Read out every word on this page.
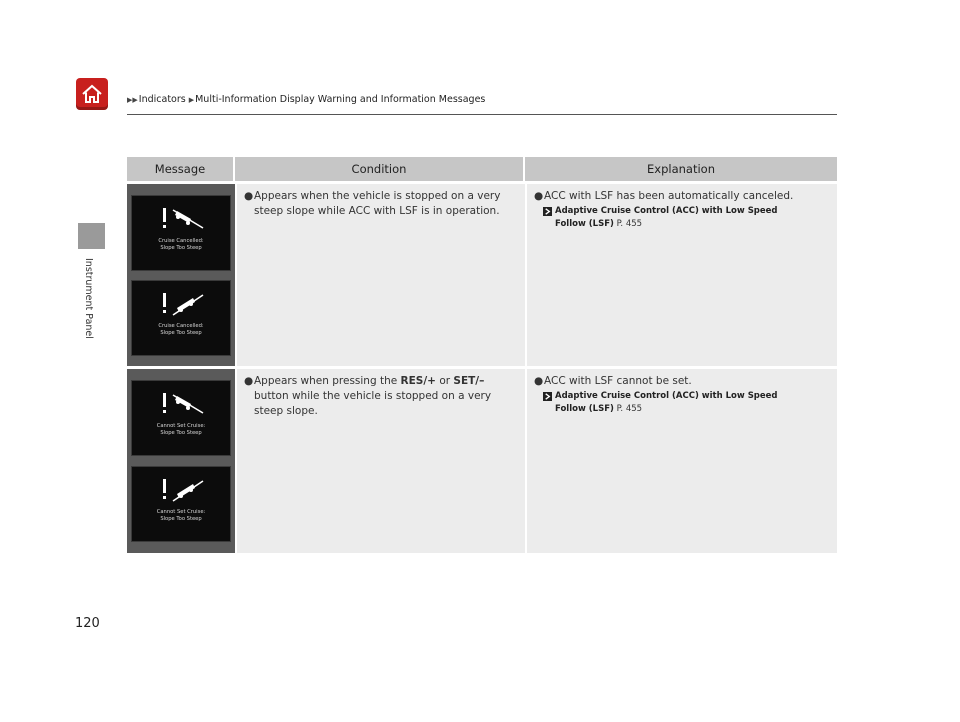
▶▶ Indicators ▶ Multi-Information Display Warning and Information Messages
Instrument Panel
Message	Condition	Explanation
Cruise Cancelled:
Slope Too Steep
Cruise Cancelled:
Slope Too Steep
● Appears when the vehicle is stopped on a very steep slope while ACC with LSF is in operation.
● ACC with LSF has been automatically canceled.
Adaptive Cruise Control (ACC) with Low Speed
Follow (LSF) P. 455
Cannot Set Cruise:
Slope Too Steep
Cannot Set Cruise:
Slope Too Steep
● Appears when pressing the RES/+ or SET/– button while the vehicle is stopped on a very steep slope.
● ACC with LSF cannot be set.
Adaptive Cruise Control (ACC) with Low Speed
Follow (LSF) P. 455
120
